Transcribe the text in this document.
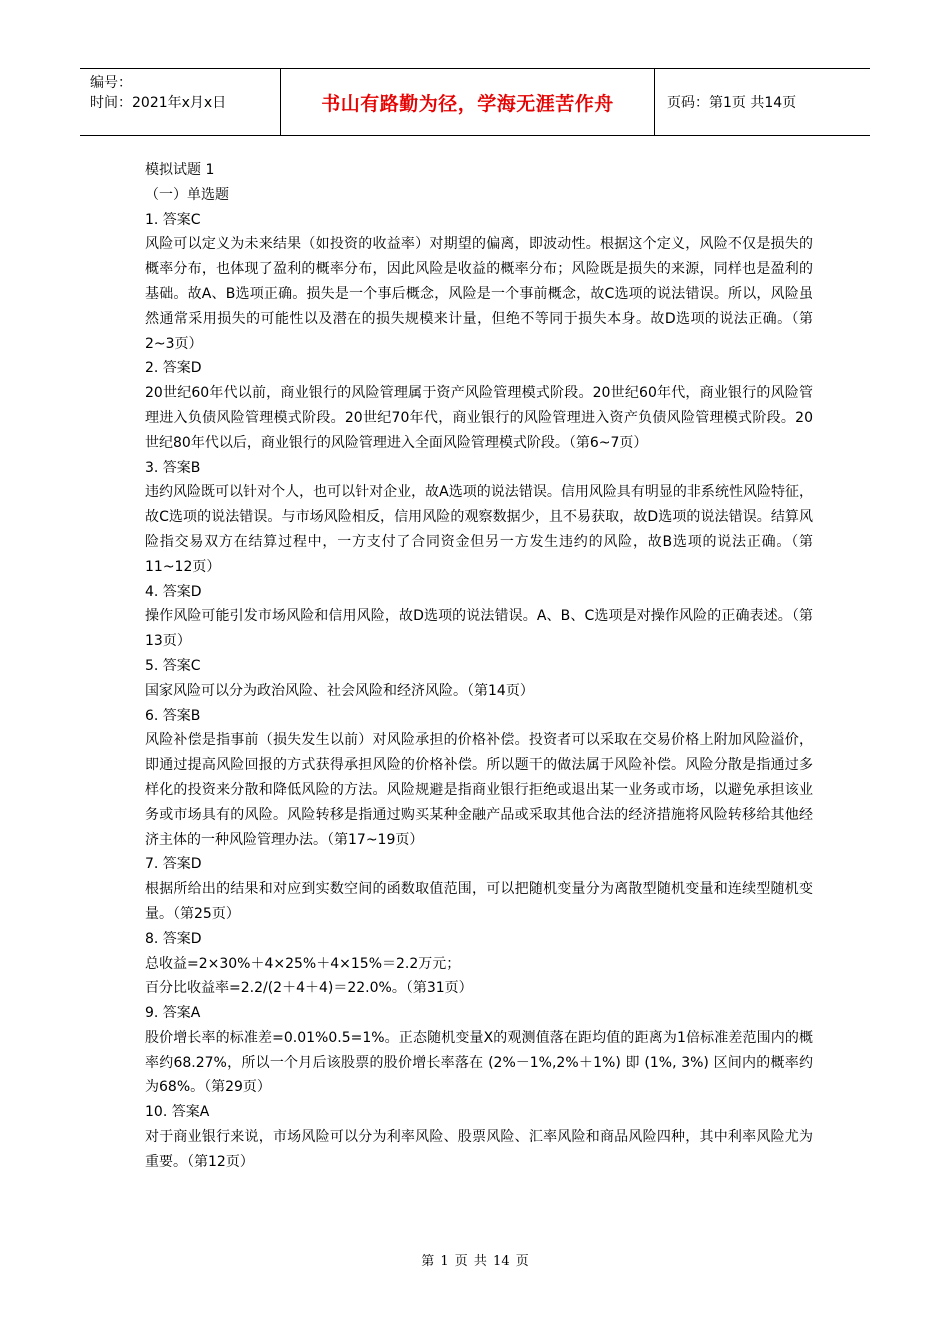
编号：
时间：2021年x月x日	书山有路勤为径，学海无涯苦作舟	页码：第1页 共14页

模拟试题 1

（一）单选题

1. 答案C

风险可以定义为未来结果（如投资的收益率）对期望的偏离，即波动性。根据这个定义，风险不仅是损失的概率分布，也体现了盈利的概率分布，因此风险是收益的概率分布；风险既是损失的来源，同样也是盈利的基础。故A、B选项正确。损失是一个事后概念，风险是一个事前概念，故C选项的说法错误。所以，风险虽然通常采用损失的可能性以及潜在的损失规模来计量，但绝不等同于损失本身。故D选项的说法正确。（第2~3页）

2. 答案D

20世纪60年代以前，商业银行的风险管理属于资产风险管理模式阶段。20世纪60年代，商业银行的风险管理进入负债风险管理模式阶段。20世纪70年代，商业银行的风险管理进入资产负债风险管理模式阶段。20世纪80年代以后，商业银行的风险管理进入全面风险管理模式阶段。（第6~7页）

3. 答案B

违约风险既可以针对个人，也可以针对企业，故A选项的说法错误。信用风险具有明显的非系统性风险特征，故C选项的说法错误。与市场风险相反，信用风险的观察数据少，且不易获取，故D选项的说法错误。结算风险指交易双方在结算过程中，一方支付了合同资金但另一方发生违约的风险，故B选项的说法正确。（第11~12页）

4. 答案D

操作风险可能引发市场风险和信用风险，故D选项的说法错误。A、B、C选项是对操作风险的正确表述。（第13页）

5. 答案C

国家风险可以分为政治风险、社会风险和经济风险。（第14页）

6. 答案B

风险补偿是指事前（损失发生以前）对风险承担的价格补偿。投资者可以采取在交易价格上附加风险溢价，即通过提高风险回报的方式获得承担风险的价格补偿。所以题干的做法属于风险补偿。风险分散是指通过多样化的投资来分散和降低风险的方法。风险规避是指商业银行拒绝或退出某一业务或市场，以避免承担该业务或市场具有的风险。风险转移是指通过购买某种金融产品或采取其他合法的经济措施将风险转移给其他经济主体的一种风险管理办法。（第17~19页）

7. 答案D

根据所给出的结果和对应到实数空间的函数取值范围，可以把随机变量分为离散型随机变量和连续型随机变量。（第25页）

8. 答案D

总收益=2×30%＋4×25%＋4×15%＝2.2万元；
百分比收益率=2.2/(2＋4＋4)＝22.0%。（第31页）

9. 答案A

股价增长率的标准差=0.01%0.5=1%。正态随机变量X的观测值落在距均值的距离为1倍标准差范围内的概率约68.27%，所以一个月后该股票的股价增长率落在 (2%－1%,2%＋1%) 即 (1%, 3%) 区间内的概率约为68%。（第29页）

10. 答案A

对于商业银行来说，市场风险可以分为利率风险、股票风险、汇率风险和商品风险四种，其中利率风险尤为重要。（第12页）

第 1 页 共 14 页
